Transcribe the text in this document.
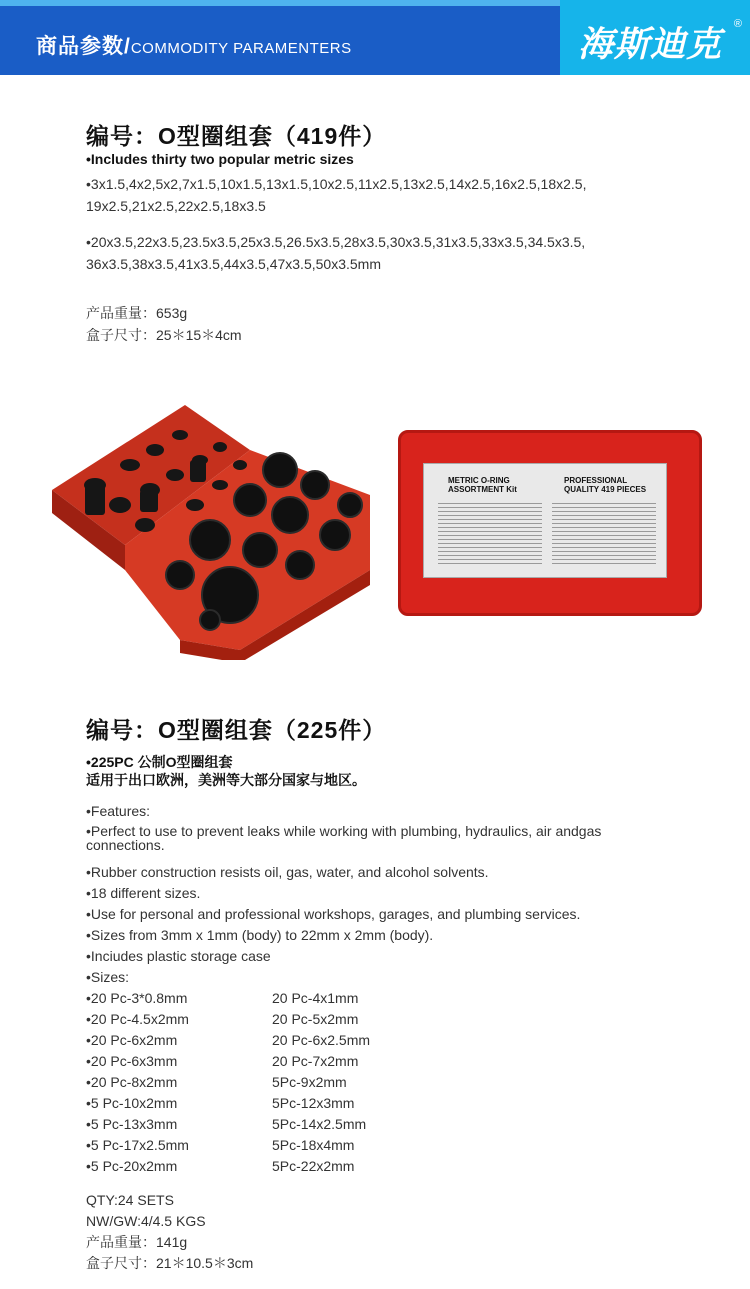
商品参数/COMMODITY PARAMENTERS	海斯迪克
®
编号：O型圈组套（419件）
•Includes thirty two popular metric sizes
•3x1.5,4x2,5x2,7x1.5,10x1.5,13x1.5,10x2.5,11x2.5,13x2.5,14x2.5,16x2.5,18x2.5,
19x2.5,21x2.5,22x2.5,18x3.5
•20x3.5,22x3.5,23.5x3.5,25x3.5,26.5x3.5,28x3.5,30x3.5,31x3.5,33x3.5,34.5x3.5,
36x3.5,38x3.5,41x3.5,44x3.5,47x3.5,50x3.5mm
产品重量：653g
盒子尺寸：25＊15＊4cm
METRIC O-RING
ASSORTMENT Kit
PROFESSIONAL
QUALITY 419 PIECES
编号：O型圈组套（225件）
•225PC 公制O型圈组套
适用于出口欧洲，美洲等大部分国家与地区。
•Features:
•Perfect to use to prevent leaks while working with plumbing, hydraulics, air andgas connections.
•Rubber construction resists oil, gas, water, and alcohol solvents.
•18 different sizes.
•Use for personal and professional workshops, garages, and plumbing services.
•Sizes from 3mm x 1mm (body) to 22mm x 2mm (body).
•Inciudes plastic storage case
•Sizes:
•20 Pc-3*0.8mm
•20 Pc-4.5x2mm
•20 Pc-6x2mm
•20 Pc-6x3mm
•20 Pc-8x2mm
•5 Pc-10x2mm
•5 Pc-13x3mm
•5 Pc-17x2.5mm
•5 Pc-20x2mm
20 Pc-4x1mm
20 Pc-5x2mm
20 Pc-6x2.5mm
20 Pc-7x2mm
5Pc-9x2mm
5Pc-12x3mm
5Pc-14x2.5mm
5Pc-18x4mm
5Pc-22x2mm
QTY:24 SETS
NW/GW:4/4.5 KGS
产品重量：141g
盒子尺寸：21＊10.5＊3cm
